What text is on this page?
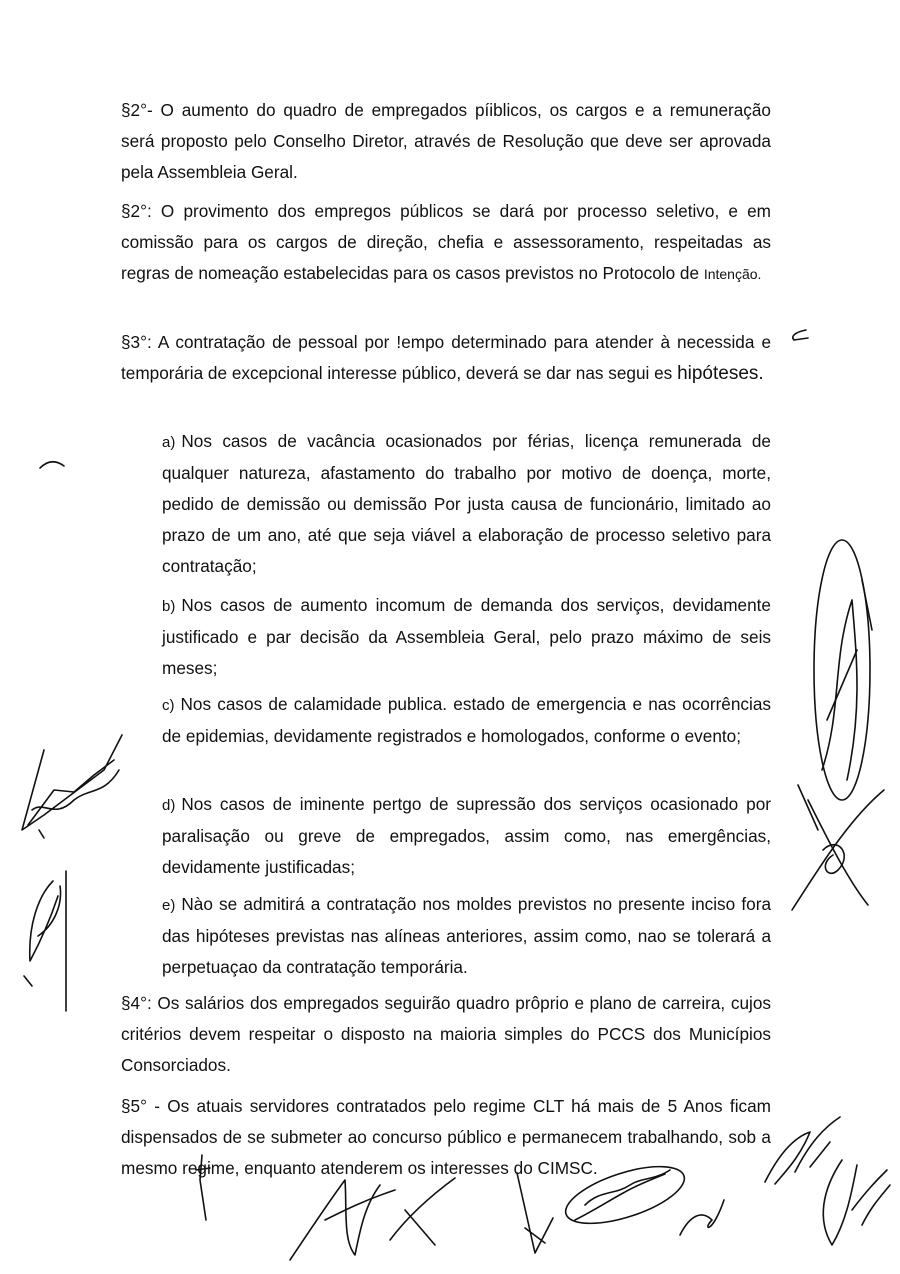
§2°- O aumento do quadro de empregados píiblicos, os cargos e a remuneração será proposto pelo Conselho Diretor, através de Resolução que deve ser aprovada pela Assembleia Geral.

§2°: O provimento dos empregos públicos se dará por processo seletivo, e em comissão para os cargos de direção, chefia e assessoramento, respeitadas as regras de nomeação estabelecidas para os casos previstos no Protocolo de Intenção.

§3°: A contratação de pessoal por !empo determinado para atender à necessida e temporária de excepcional interesse público, deverá se dar nas segui es hipóteses.

a) Nos casos de vacância ocasionados por férias, licença remunerada de qualquer natureza, afastamento do trabalho por motivo de doença, morte, pedido de demissão ou demissão Por justa causa de funcionário, limitado ao prazo de um ano, até que seja viável a elaboração de processo seletivo para contratação;

b) Nos casos de aumento incomum de demanda dos serviços, devidamente justificado e par decisão da Assembleia Geral, pelo prazo máximo de seis meses;

c) Nos casos de calamidade publica. estado de emergencia e nas ocorrências de epidemias, devidamente registrados e homologados, conforme o evento;

d) Nos casos de iminente pertgo de supressão dos serviços ocasionado por paralisação ou greve de empregados, assim como, nas emergências, devidamente justificadas;

e) Nào se admitirá a contratação nos moldes previstos no presente inciso fora das hipóteses previstas nas alíneas anteriores, assim como, nao se tolerará a perpetuaçao da contratação temporária.

§4°: Os salários dos empregados seguirão quadro prôprio e plano de carreira, cujos critérios devem respeitar o disposto na maioria simples do PCCS dos Municípios Consorciados.

§5° - Os atuais servidores contratados pelo regime CLT há mais de 5 Anos ficam dispensados de se submeter ao concurso público e permanecem trabalhando, sob a mesmo regime, enquanto atenderem os interesses do CIMSC.
